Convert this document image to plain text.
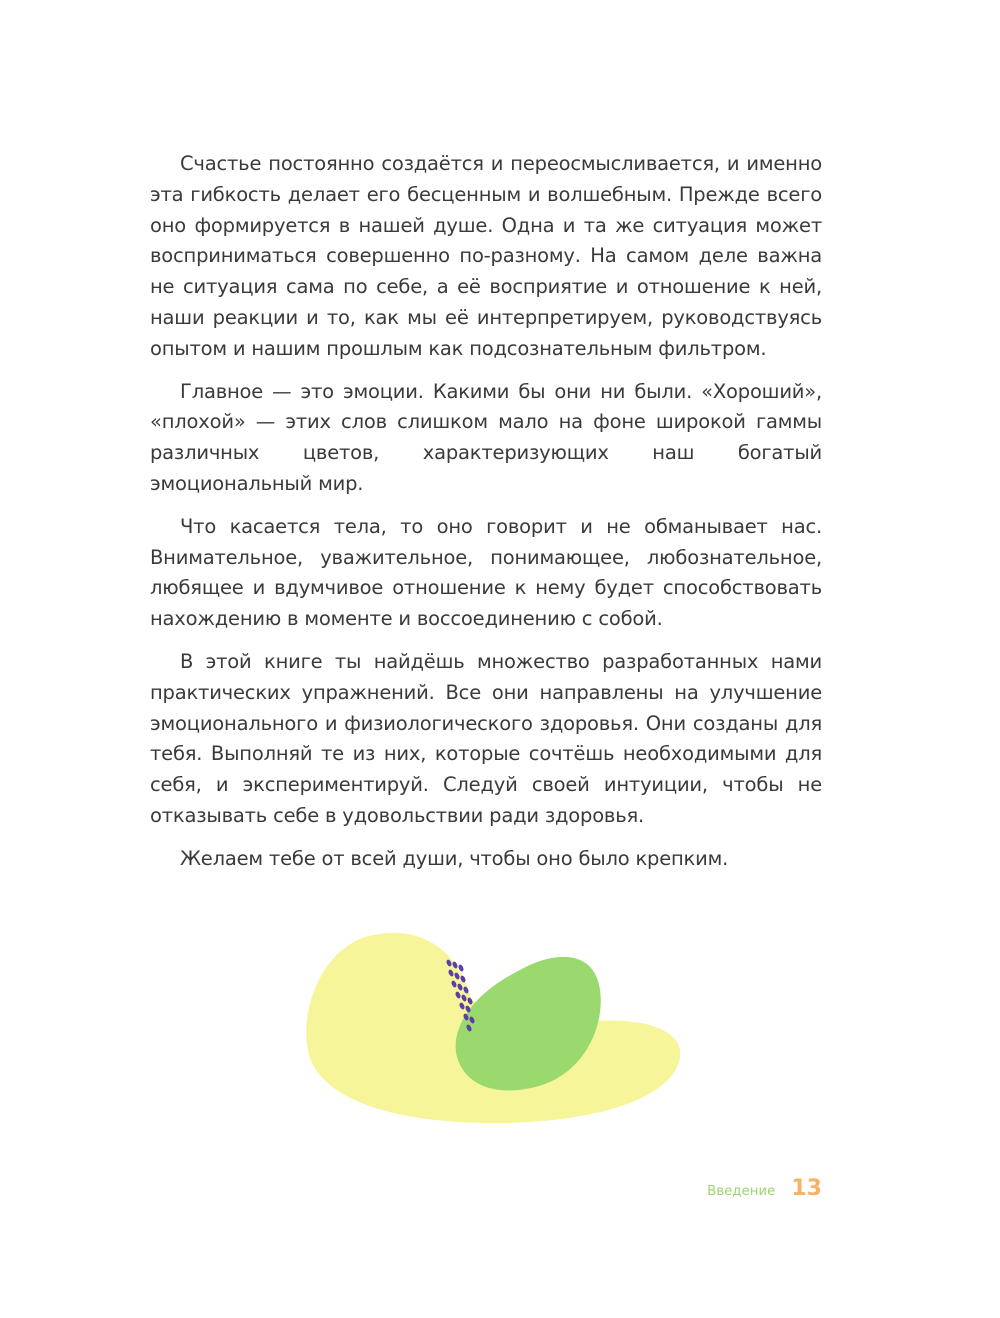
Счастье постоянно создаётся и переосмысливается, и именно эта гибкость делает его бесценным и волшебным. Прежде всего оно формируется в нашей душе. Одна и та же ситуация может восприниматься совершенно по-разному. На самом деле важна не ситуация сама по себе, а её восприятие и отношение к ней, наши реакции и то, как мы её интерпретируем, руководствуясь опытом и нашим прошлым как подсознательным фильтром.

Главное — это эмоции. Какими бы они ни были. «Хороший», «плохой» — этих слов слишком мало на фоне широкой гаммы различных цветов, характеризующих наш богатый эмоциональный мир.

Что касается тела, то оно говорит и не обманывает нас. Внимательное, уважительное, понимающее, любознательное, любящее и вдумчивое отношение к нему будет способствовать нахождению в моменте и воссоединению с собой.

В этой книге ты найдёшь множество разработанных нами практических упражнений. Все они направлены на улучшение эмоционального и физиологического здоровья. Они созданы для тебя. Выполняй те из них, которые сочтёшь необходимыми для себя, и экспериментируй. Следуй своей интуиции, чтобы не отказывать себе в удовольствии ради здоровья.

Желаем тебе от всей души, чтобы оно было крепким.

Введение 13
